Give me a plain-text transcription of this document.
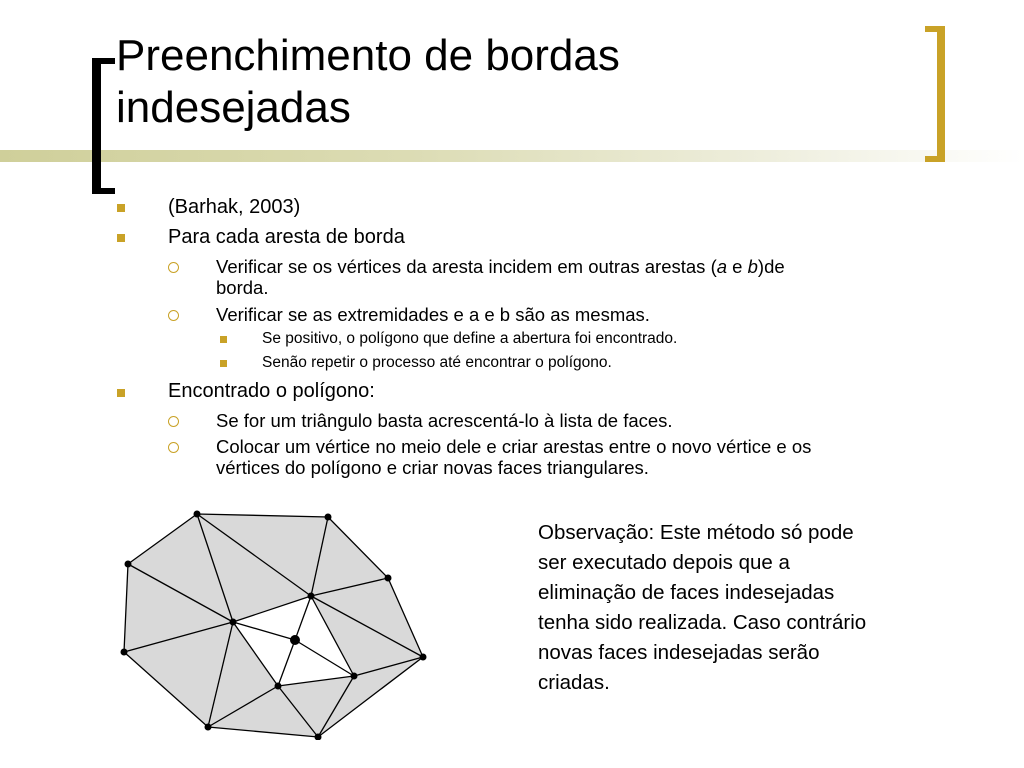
Preenchimento de bordas
indesejadas
(Barhak, 2003)
Para cada aresta de borda
Verificar se os vértices da aresta incidem em outras arestas (a e b)de
borda.
Verificar se as extremidades e a e b são as mesmas.
Se positivo, o polígono que define a abertura foi encontrado.
Senão repetir o processo até encontrar o polígono.
Encontrado o polígono:
Se for um triângulo basta acrescentá-lo à lista de faces.
Colocar um vértice no meio dele e criar arestas entre o novo vértice e os
vértices do polígono e criar novas faces triangulares.
Observação: Este método só pode
ser executado depois que a
eliminação de faces indesejadas
tenha sido realizada. Caso contrário
novas faces indesejadas serão
criadas.
